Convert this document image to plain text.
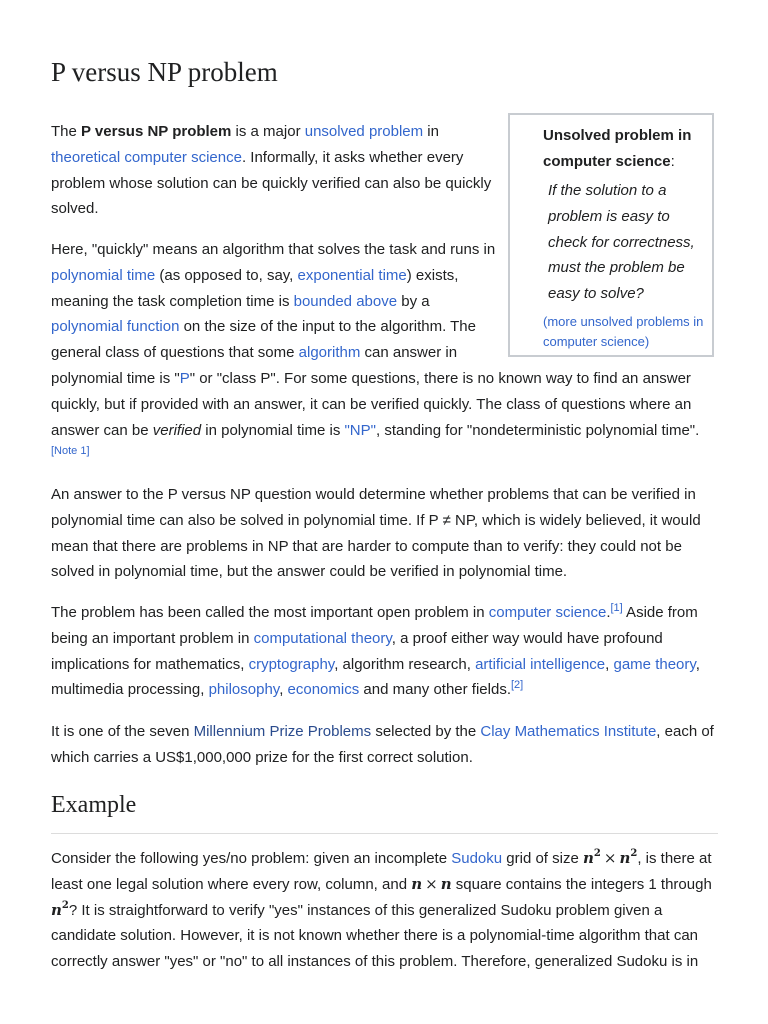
P versus NP problem
Unsolved problem in computer science:
If the solution to a problem is easy to check for correctness, must the problem be easy to solve?
(more unsolved problems in computer science)

The P versus NP problem is a major unsolved problem in theoretical computer science. Informally, it asks whether every problem whose solution can be quickly verified can also be quickly solved.

Here, "quickly" means an algorithm that solves the task and runs in polynomial time (as opposed to, say, exponential time) exists, meaning the task completion time is bounded above by a polynomial function on the size of the input to the algorithm. The general class of questions that some algorithm can answer in polynomial time is "P" or "class P". For some questions, there is no known way to find an answer quickly, but if provided with an answer, it can be verified quickly. The class of questions where an answer can be verified in polynomial time is "NP", standing for "nondeterministic polynomial time".[Note 1]

An answer to the P versus NP question would determine whether problems that can be verified in polynomial time can also be solved in polynomial time. If P ≠ NP, which is widely believed, it would mean that there are problems in NP that are harder to compute than to verify: they could not be solved in polynomial time, but the answer could be verified in polynomial time.

The problem has been called the most important open problem in computer science.[1] Aside from being an important problem in computational theory, a proof either way would have profound implications for mathematics, cryptography, algorithm research, artificial intelligence, game theory, multimedia processing, philosophy, economics and many other fields.[2]

It is one of the seven Millennium Prize Problems selected by the Clay Mathematics Institute, each of which carries a US$1,000,000 prize for the first correct solution.

Example

Consider the following yes/no problem: given an incomplete Sudoku grid of size $n^2 \times n^2$, is there at least one legal solution where every row, column, and n × n square contains the integers 1 through $n^2$? It is straightforward to verify "yes" instances of this generalized Sudoku problem given a candidate solution. However, it is not known whether there is a polynomial-time algorithm that can correctly answer "yes" or "no" to all instances of this problem. Therefore, generalized Sudoku is in
